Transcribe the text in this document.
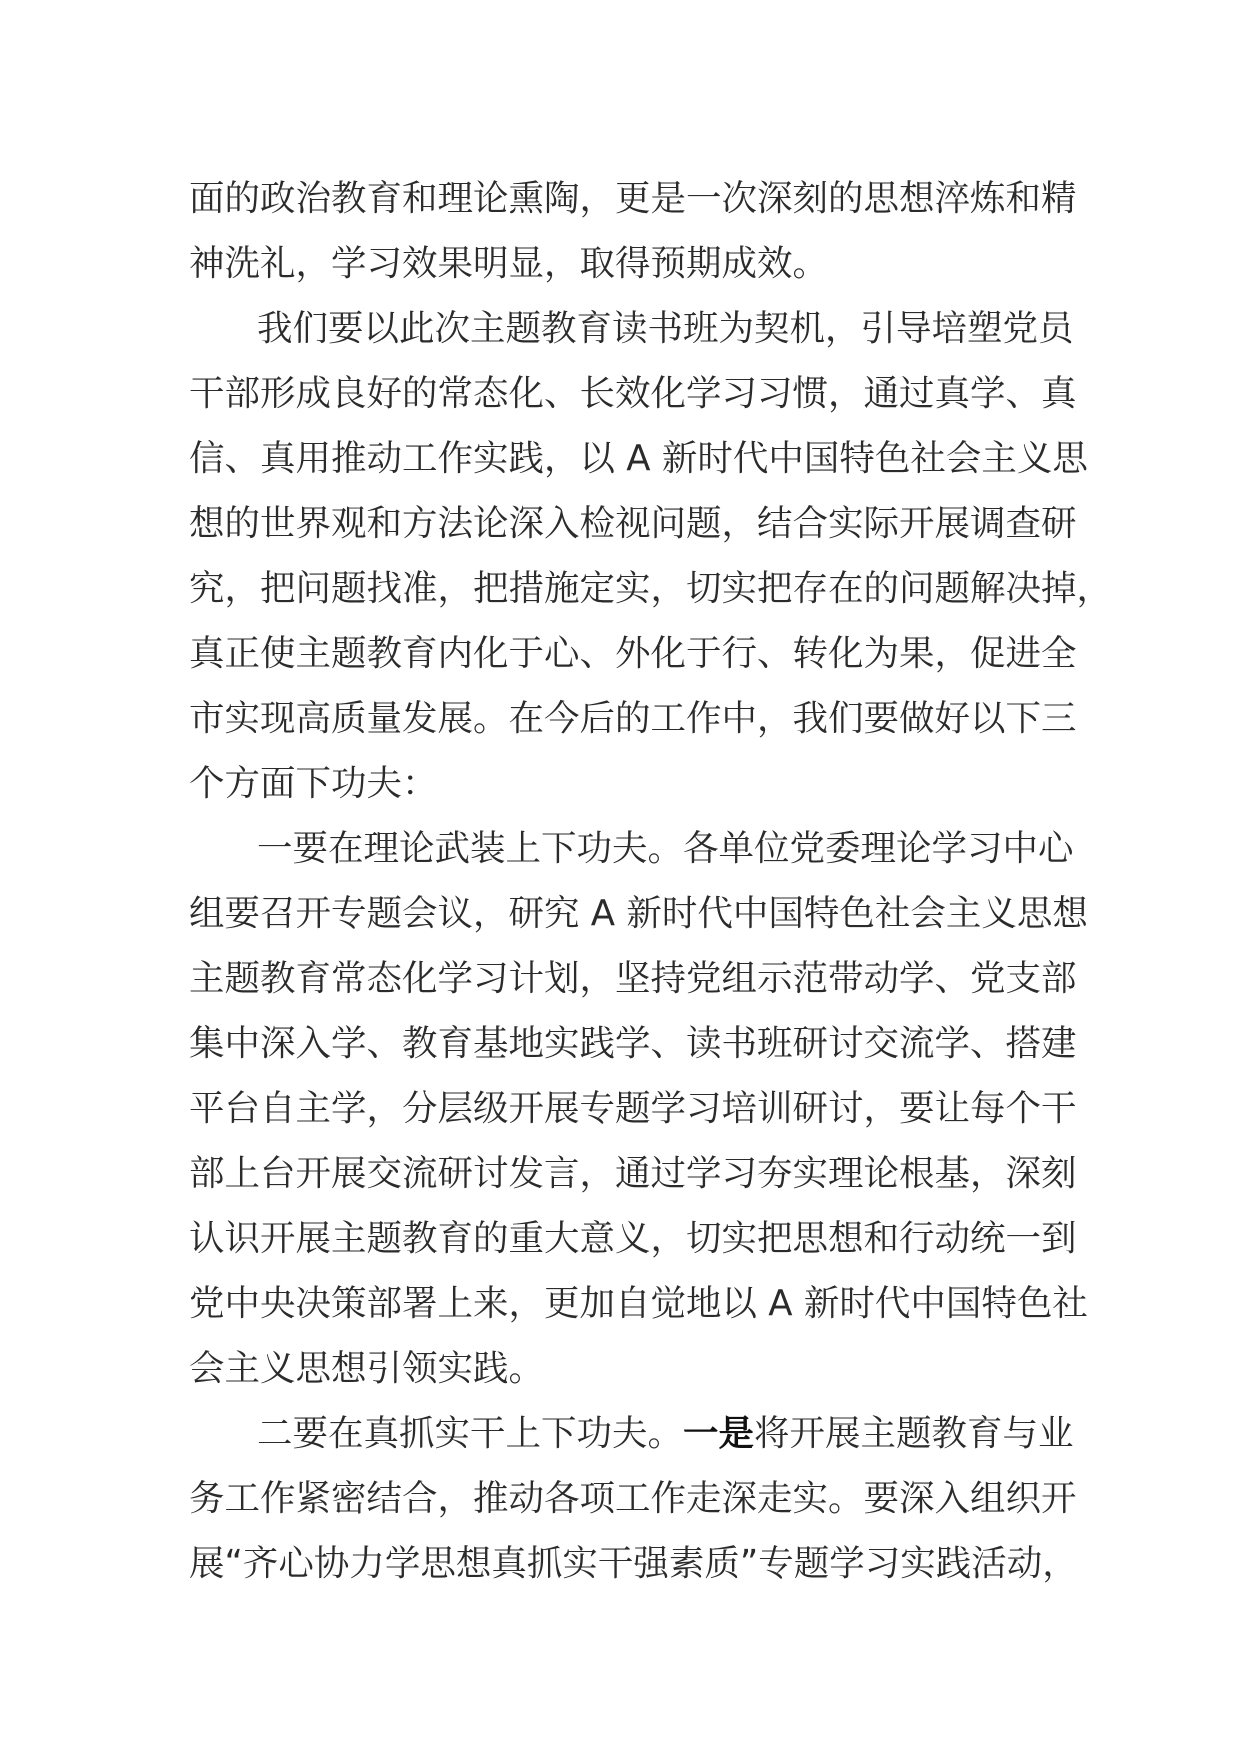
面的政治教育和理论熏陶，更是一次深刻的思想淬炼和精
神洗礼，学习效果明显，取得预期成效。
我们要以此次主题教育读书班为契机，引导培塑党员
干部形成良好的常态化、长效化学习习惯，通过真学、真
信、真用推动工作实践，以 A 新时代中国特色社会主义思
想的世界观和方法论深入检视问题，结合实际开展调查研
究，把问题找准，把措施定实，切实把存在的问题解决掉，
真正使主题教育内化于心、外化于行、转化为果，促进全
市实现高质量发展。在今后的工作中，我们要做好以下三
个方面下功夫：
一要在理论武装上下功夫。各单位党委理论学习中心
组要召开专题会议，研究 A 新时代中国特色社会主义思想
主题教育常态化学习计划，坚持党组示范带动学、党支部
集中深入学、教育基地实践学、读书班研讨交流学、搭建
平台自主学，分层级开展专题学习培训研讨，要让每个干
部上台开展交流研讨发言，通过学习夯实理论根基，深刻
认识开展主题教育的重大意义，切实把思想和行动统一到
党中央决策部署上来，更加自觉地以 A 新时代中国特色社
会主义思想引领实践。
二要在真抓实干上下功夫。一是将开展主题教育与业
务工作紧密结合，推动各项工作走深走实。要深入组织开
展“齐心协力学思想真抓实干强素质”专题学习实践活动，
